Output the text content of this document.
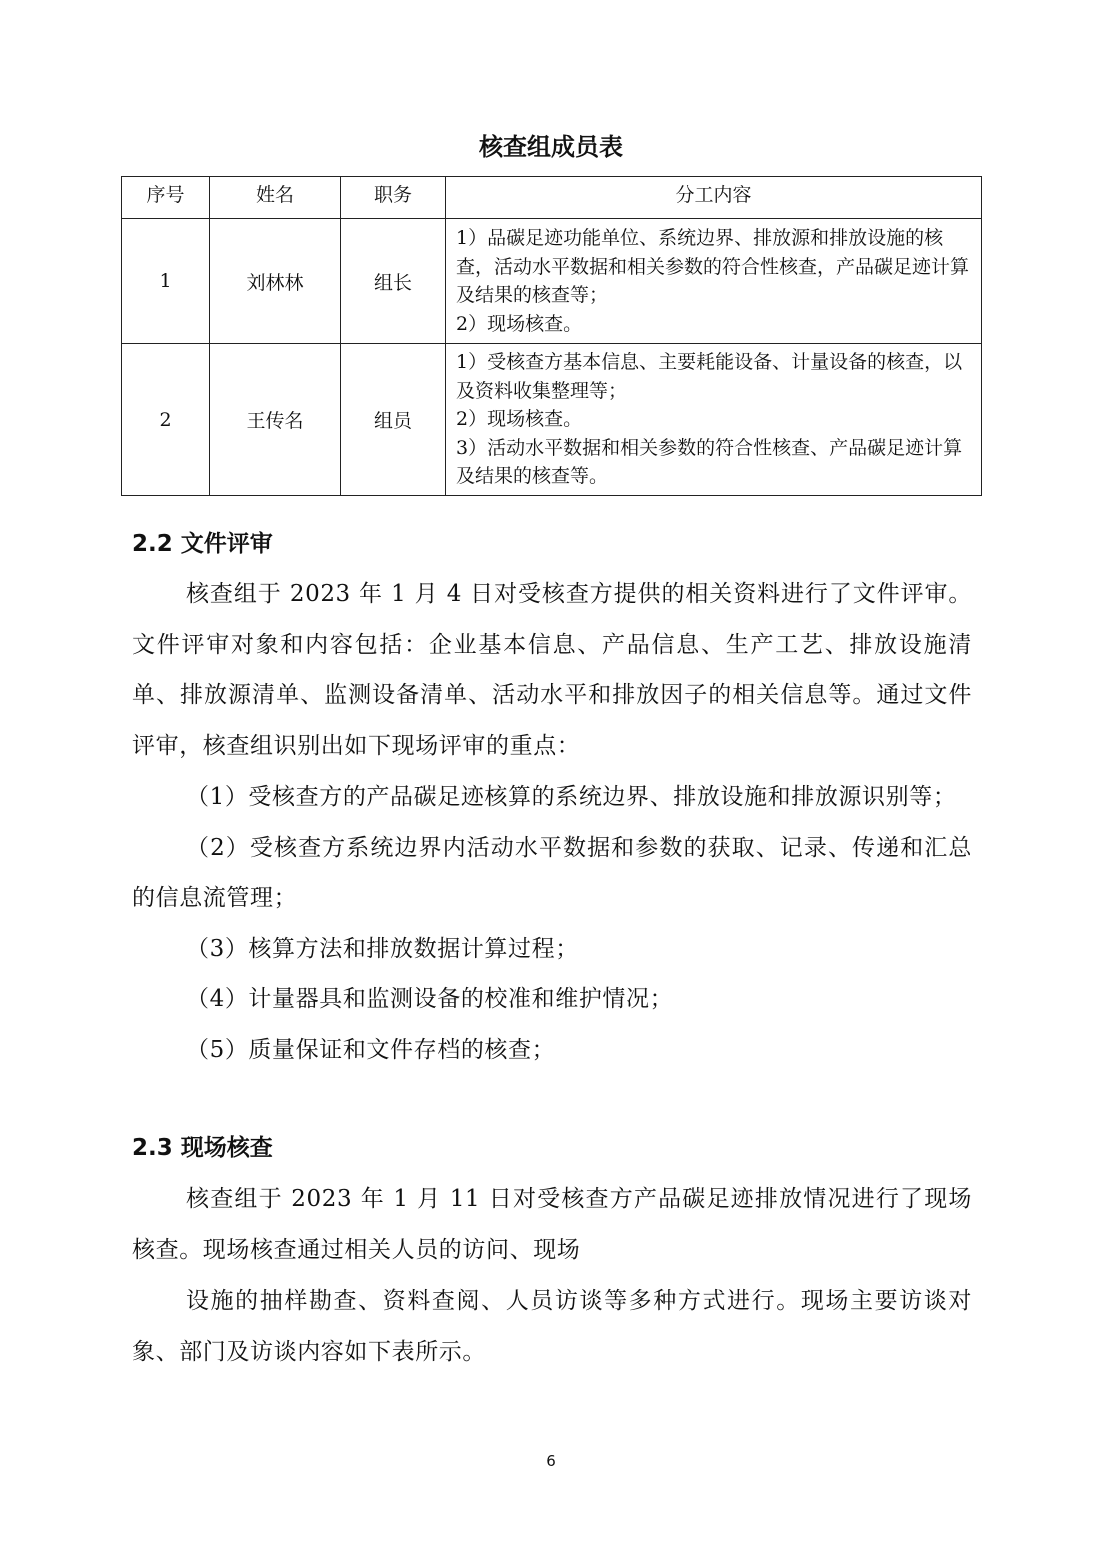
核查组成员表
序号	姓名	职务	分工内容
1	刘林林	组长	1）品碳足迹功能单位、系统边界、排放源和排放设施的核查，活动水平数据和相关参数的符合性核查，产品碳足迹计算及结果的核查等；
2）现场核查。

2	王传名	组员	1）受核查方基本信息、主要耗能设备、计量设备的核查，以及资料收集整理等；
2）现场核查。
3）活动水平数据和相关参数的符合性核查、产品碳足迹计算及结果的核查等。
2.2 文件评审
核查组于 2023 年 1 月 4 日对受核查方提供的相关资料进行了文件评审。文件评审对象和内容包括：企业基本信息、产品信息、生产工艺、排放设施清单、排放源清单、监测设备清单、活动水平和排放因子的相关信息等。通过文件评审，核查组识别出如下现场评审的重点：
（1）受核查方的产品碳足迹核算的系统边界、排放设施和排放源识别等；
（2）受核查方系统边界内活动水平数据和参数的获取、记录、传递和汇总的信息流管理；
（3）核算方法和排放数据计算过程；
（4）计量器具和监测设备的校准和维护情况；
（5）质量保证和文件存档的核查；
2.3 现场核查
核查组于 2023 年 1 月 11 日对受核查方产品碳足迹排放情况进行了现场核查。现场核查通过相关人员的访问、现场
设施的抽样勘查、资料查阅、人员访谈等多种方式进行。现场主要访谈对象、部门及访谈内容如下表所示。
6
